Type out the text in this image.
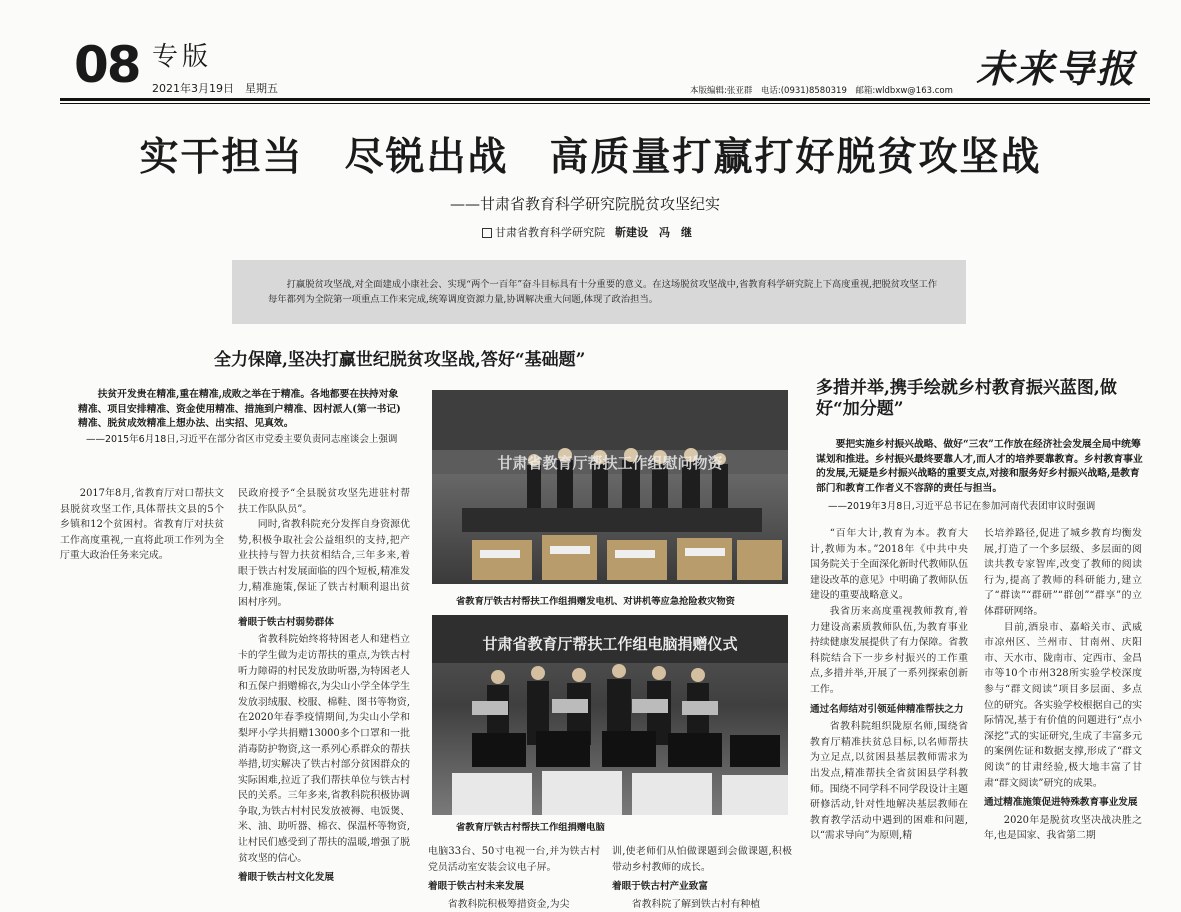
08 专版
2021年3月19日　星期五	本版编辑:张亚群　电话:(0931)8580319　邮箱:wldbxw@163.com 未来导报
实干担当　尽锐出战　高质量打赢打好脱贫攻坚战
——甘肃省教育科学研究院脱贫攻坚纪实
甘肃省教育科学研究院 靳建设　冯　继
打赢脱贫攻坚战,对全面建成小康社会、实现“两个一百年”奋斗目标具有十分重要的意义。在这场脱贫攻坚战中,省教育科学研究院上下高度重视,把脱贫攻坚工作每年都列为全院第一项重点工作来完成,统筹调度资源力量,协调解决重大问题,体现了政治担当。
全力保障,坚决打赢世纪脱贫攻坚战,答好“基础题”
扶贫开发贵在精准,重在精准,成败之举在于精准。各地都要在扶持对象精准、项目安排精准、资金使用精准、措施到户精准、因村派人(第一书记)精准、脱贫成效精准上想办法、出实招、见真效。
——2015年6月18日,习近平在部分省区市党委主要负责同志座谈会上强调

2017年8月,省教育厅对口帮扶文县脱贫攻坚工作,具体帮扶文县的5个乡镇和12个贫困村。省教育厅对扶贫工作高度重视,一直将此项工作列为全厅重大政治任务来完成。

民政府授予“全县脱贫攻坚先进驻村帮扶工作队队员”。

同时,省教科院充分发挥自身资源优势,积极争取社会公益组织的支持,把产业扶持与智力扶贫相结合,三年多来,着眼于铁古村发展面临的四个短板,精准发力,精准施策,保证了铁古村顺利退出贫困村序列。

着眼于铁古村弱势群体

省教科院始终将特困老人和建档立卡的学生做为走访帮扶的重点,为铁古村听力障碍的村民发放助听器,为特困老人和五保户捐赠棉衣,为尖山小学全体学生发放羽绒服、校服、棉鞋、图书等物资,在2020年春季疫情期间,为尖山小学和梨坪小学共捐赠13000多个口罩和一批消毒防护物资,这一系列心系群众的帮扶举措,切实解决了铁古村部分贫困群众的实际困难,拉近了我们帮扶单位与铁古村民的关系。三年多来,省教科院积极协调争取,为铁古村村民发放被褥、电饭煲、米、油、助听器、棉衣、保温杯等物资,让村民们感受到了帮扶的温暖,增强了脱贫攻坚的信心。

着眼于铁古村文化发展

甘肃省教育厅帮扶工作组慰问物资
省教育厅铁古村帮扶工作组捐赠发电机、对讲机等应急抢险救灾物资
甘肃省教育厅帮扶工作组电脑捐赠仪式
省教育厅铁古村帮扶工作组捐赠电脑

电脑33台、50寸电视一台,并为铁古村党员活动室安装会议电子屏。

着眼于铁古村未来发展

省教科院积极筹措资金,为尖

训,使老师们从怕做课题到会做课题,积极带动乡村教师的成长。

着眼于铁古村产业致富

省教科院了解到铁古村有种植

多措并举,携手绘就乡村教育振兴蓝图,做好“加分题”
要把实施乡村振兴战略、做好“三农”工作放在经济社会发展全局中统筹谋划和推进。乡村振兴最终要靠人才,而人才的培养要靠教育。乡村教育事业的发展,无疑是乡村振兴战略的重要支点,对接和服务好乡村振兴战略,是教育部门和教育工作者义不容辞的责任与担当。
——2019年3月8日,习近平总书记在参加河南代表团审议时强调

“百年大计,教育为本。教育大计,教师为本。”2018年《中共中央 国务院关于全面深化新时代教师队伍建设改革的意见》中明确了教师队伍建设的重要战略意义。

我省历来高度重视教师教育,着力建设高素质教师队伍,为教育事业持续健康发展提供了有力保障。省教科院结合下一步乡村振兴的工作重点,多措并举,开展了一系列探索创新工作。

通过名师结对引领延伸精准帮扶之力

省教科院组织陇原名师,围绕省教育厅精准扶贫总目标,以名师帮扶为立足点,以贫困县基层教师需求为出发点,精准帮扶全省贫困县学科教师。围绕不同学科不同学段设计主题研修活动,针对性地解决基层教师在教育教学活动中遇到的困难和问题,以“需求导向”为原则,精

长培养路径,促进了城乡教育均衡发展,打造了一个多层级、多层面的阅读共教专家智库,改变了教师的阅读行为,提高了教师的科研能力,建立了“群读”“群研”“群创”“群享”的立体群研网络。

目前,酒泉市、嘉峪关市、武威市凉州区、兰州市、甘南州、庆阳市、天水市、陇南市、定西市、金昌市等10个市州328所实验学校深度参与“群文阅读”项目多层面、多点位的研究。各实验学校根据自己的实际情况,基于有价值的问题进行“点小深挖”式的实证研究,生成了丰富多元的案例佐证和数据支撑,形成了“群文阅读”的甘肃经验,极大地丰富了甘肃“群文阅读”研究的成果。

通过精准施策促进特殊教育事业发展

2020年是脱贫攻坚决战决胜之年,也是国家、我省第二期
